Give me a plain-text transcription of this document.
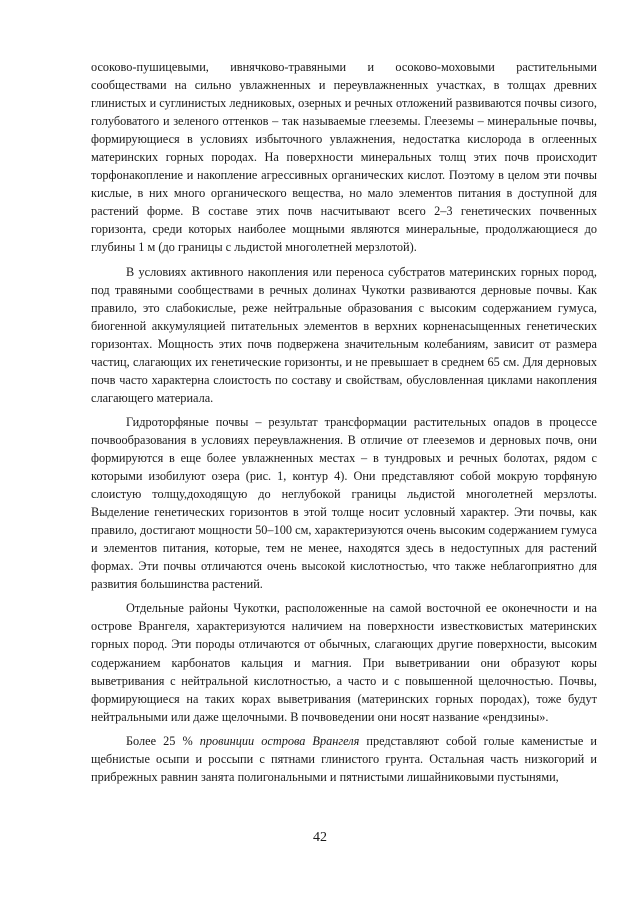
осоково-пушицевыми, ивнячково-травяными и осоково-моховыми растительными сообществами на сильно увлажненных и переувлажненных участках, в толщах древних глинистых и суглинистых ледниковых, озерных и речных отложений развиваются почвы сизого, голубоватого и зеленого оттенков – так называемые глееземы. Глееземы – минеральные почвы, формирующиеся в условиях избыточного увлажнения, недостатка кислорода в оглеенных материнских горных породах. На поверхности минеральных толщ этих почв происходит торфонакопление и накопление агрессивных органических кислот. Поэтому в целом эти почвы кислые, в них много органического вещества, но мало элементов питания в доступной для растений форме. В составе этих почв насчитывают всего 2–3 генетических почвенных горизонта, среди которых наиболее мощными являются минеральные, продолжающиеся до глубины 1 м (до границы с льдистой многолетней мерзлотой).

В условиях активного накопления или переноса субстратов материнских горных пород, под травяными сообществами в речных долинах Чукотки развиваются дерновые почвы. Как правило, это слабокислые, реже нейтральные образования с высоким содержанием гумуса, биогенной аккумуляцией питательных элементов в верхних корненасыщенных генетических горизонтах. Мощность этих почв подвержена значительным колебаниям, зависит от размера частиц, слагающих их генетические горизонты, и не превышает в среднем 65 см. Для дерновых почв часто характерна слоистость по составу и свойствам, обусловленная циклами накопления слагающего материала.

Гидроторфяные почвы – результат трансформации растительных опадов в процессе почвообразования в условиях переувлажнения. В отличие от глееземов и дерновых почв, они формируются в еще более увлажненных местах – в тундровых и речных болотах, рядом с которыми изобилуют озера (рис. 1, контур 4). Они представляют собой мокрую торфяную слоистую толщу,доходящую до неглубокой границы льдистой многолетней мерзлоты. Выделение генетических горизонтов в этой толще носит условный характер. Эти почвы, как правило, достигают мощности 50–100 см, характеризуются очень высоким содержанием гумуса и элементов питания, которые, тем не менее, находятся здесь в недоступных для растений формах. Эти почвы отличаются очень высокой кислотностью, что также неблагоприятно для развития большинства растений.

Отдельные районы Чукотки, расположенные на самой восточной ее оконечности и на острове Врангеля, характеризуются наличием на поверхности известковистых материнских горных пород. Эти породы отличаются от обычных, слагающих другие поверхности, высоким содержанием карбонатов кальция и магния. При выветривании они образуют коры выветривания с нейтральной кислотностью, а часто и с повышенной щелочностью. Почвы, формирующиеся на таких корах выветривания (материнских горных породах), тоже будут нейтральными или даже щелочными. В почвоведении они носят название «рендзины».

Более 25 % провинции острова Врангеля представляют собой голые каменистые и щебнистые осыпи и россыпи с пятнами глинистого грунта. Остальная часть низкогорий и прибрежных равнин занята полигональными и пятнистыми лишайниковыми пустынями,

42
